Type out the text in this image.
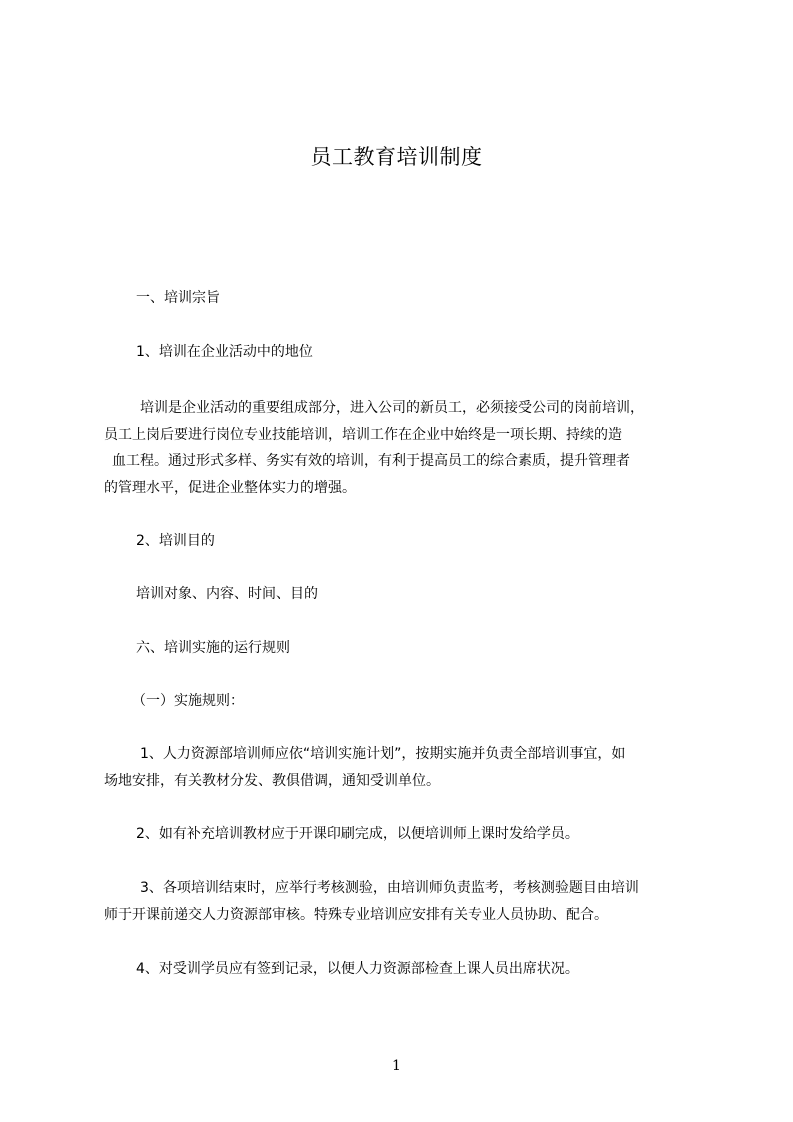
员工教育培训制度
一、培训宗旨
1、培训在企业活动中的地位
培训是企业活动的重要组成部分，进入公司的新员工，必须接受公司的岗前培训，
员工上岗后要进行岗位专业技能培训，培训工作在企业中始终是一项长期、持续的造
血工程。通过形式多样、务实有效的培训，有利于提高员工的综合素质，提升管理者
的管理水平，促进企业整体实力的增强。
2、培训目的
培训对象、内容、时间、目的
六、培训实施的运行规则
（一）实施规则：
1、人力资源部培训师应依“培训实施计划”，按期实施并负责全部培训事宜，如
场地安排，有关教材分发、教俱借调，通知受训单位。
2、如有补充培训教材应于开课印刷完成，以便培训师上课时发给学员。
3、各项培训结束时，应举行考核测验，由培训师负责监考，考核测验题目由培训
师于开课前递交人力资源部审核。特殊专业培训应安排有关专业人员协助、配合。
4、对受训学员应有签到记录，以便人力资源部检查上课人员出席状况。
1
